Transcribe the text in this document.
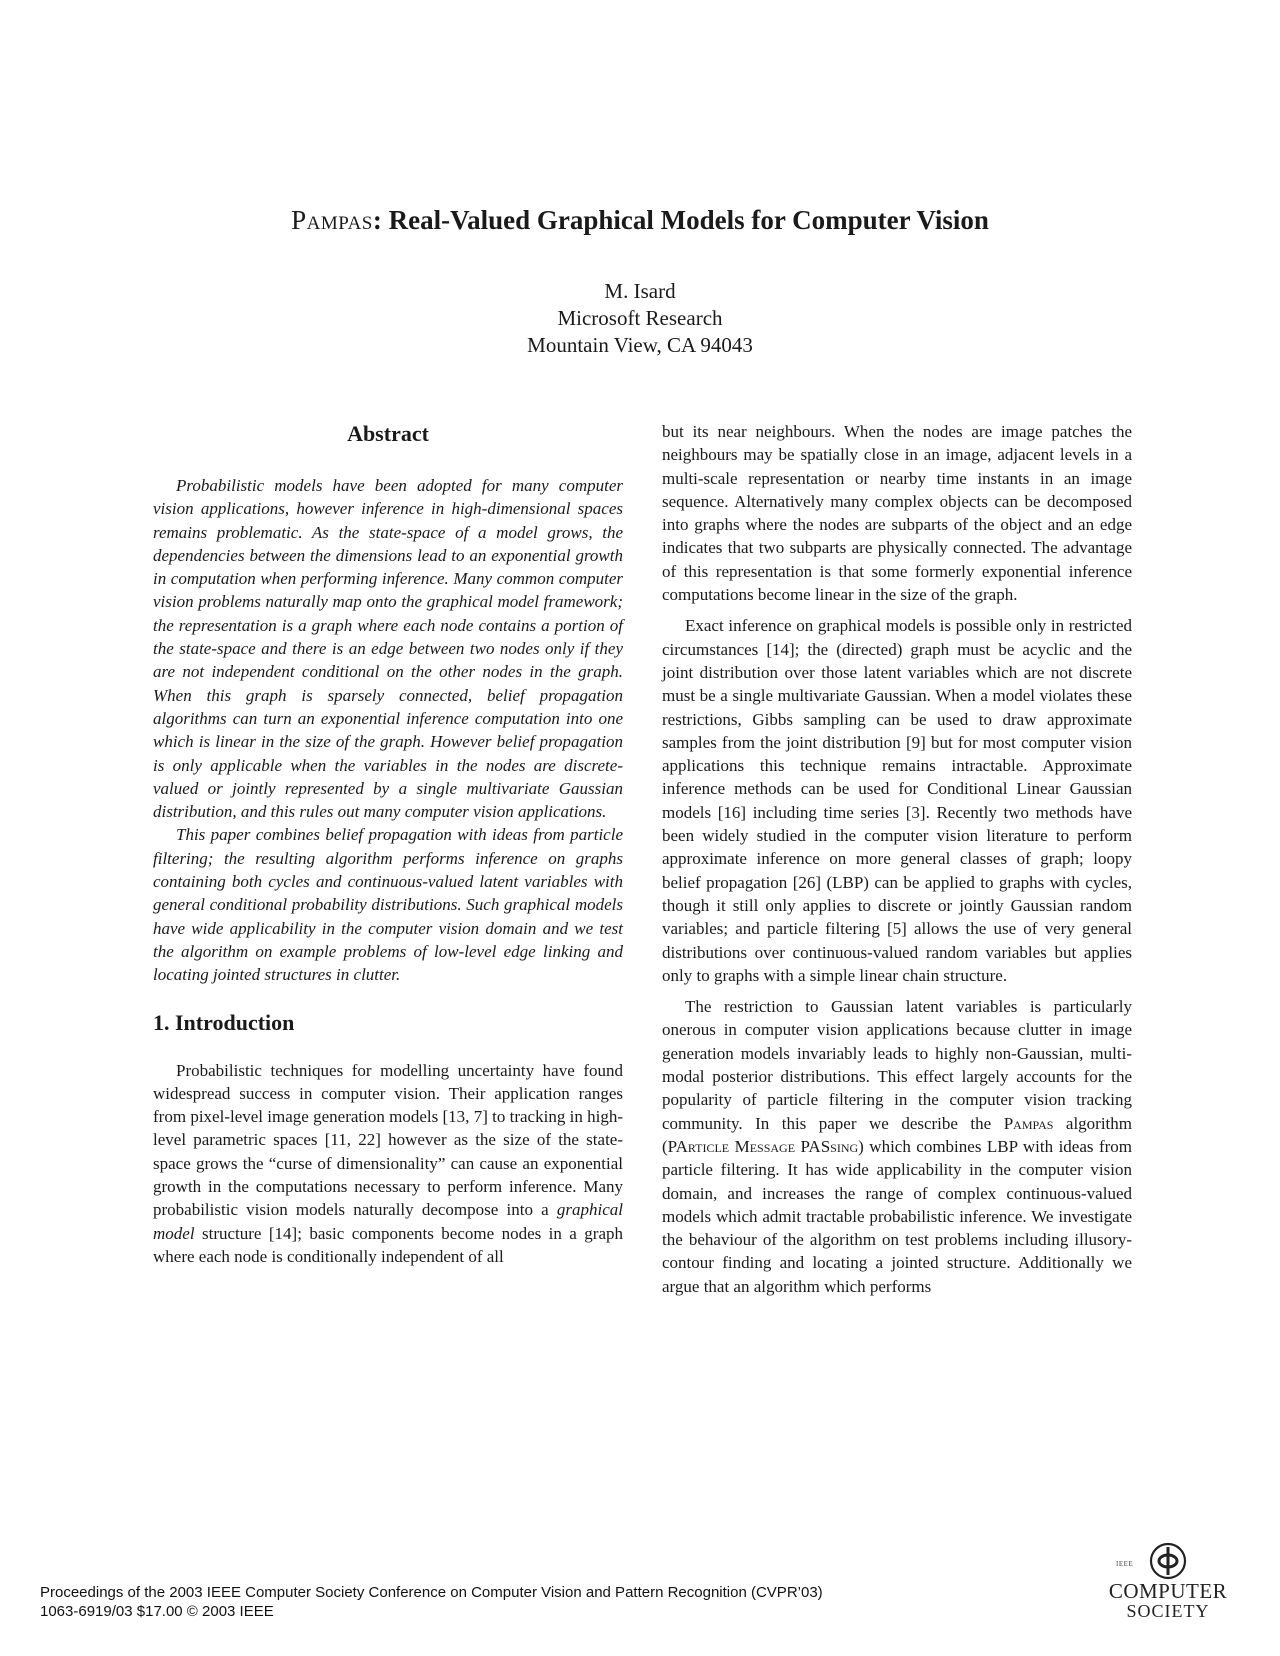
Pampas: Real-Valued Graphical Models for Computer Vision
M. Isard
Microsoft Research
Mountain View, CA 94043
Abstract

Probabilistic models have been adopted for many computer vision applications, however inference in high-dimensional spaces remains problematic. As the state-space of a model grows, the dependencies between the dimensions lead to an exponential growth in computation when performing inference. Many common computer vision problems naturally map onto the graphical model framework; the representation is a graph where each node contains a portion of the state-space and there is an edge between two nodes only if they are not independent conditional on the other nodes in the graph. When this graph is sparsely connected, belief propagation algorithms can turn an exponential inference computation into one which is linear in the size of the graph. However belief propagation is only applicable when the variables in the nodes are discrete-valued or jointly represented by a single multivariate Gaussian distribution, and this rules out many computer vision applications.

This paper combines belief propagation with ideas from particle filtering; the resulting algorithm performs inference on graphs containing both cycles and continuous-valued latent variables with general conditional probability distributions. Such graphical models have wide applicability in the computer vision domain and we test the algorithm on example problems of low-level edge linking and locating jointed structures in clutter.

1. Introduction

Probabilistic techniques for modelling uncertainty have found widespread success in computer vision. Their application ranges from pixel-level image generation models [13, 7] to tracking in high-level parametric spaces [11, 22] however as the size of the state-space grows the “curse of dimensionality” can cause an exponential growth in the computations necessary to perform inference. Many probabilistic vision models naturally decompose into a graphical model structure [14]; basic components become nodes in a graph where each node is conditionally independent of all

but its near neighbours. When the nodes are image patches the neighbours may be spatially close in an image, adjacent levels in a multi-scale representation or nearby time instants in an image sequence. Alternatively many complex objects can be decomposed into graphs where the nodes are subparts of the object and an edge indicates that two subparts are physically connected. The advantage of this representation is that some formerly exponential inference computations become linear in the size of the graph.

Exact inference on graphical models is possible only in restricted circumstances [14]; the (directed) graph must be acyclic and the joint distribution over those latent variables which are not discrete must be a single multivariate Gaussian. When a model violates these restrictions, Gibbs sampling can be used to draw approximate samples from the joint distribution [9] but for most computer vision applications this technique remains intractable. Approximate inference methods can be used for Conditional Linear Gaussian models [16] including time series [3]. Recently two methods have been widely studied in the computer vision literature to perform approximate inference on more general classes of graph; loopy belief propagation [26] (LBP) can be applied to graphs with cycles, though it still only applies to discrete or jointly Gaussian random variables; and particle filtering [5] allows the use of very general distributions over continuous-valued random variables but applies only to graphs with a simple linear chain structure.

The restriction to Gaussian latent variables is particularly onerous in computer vision applications because clutter in image generation models invariably leads to highly non-Gaussian, multi-modal posterior distributions. This effect largely accounts for the popularity of particle filtering in the computer vision tracking community. In this paper we describe the Pampas algorithm (PArticle Message PASsing) which combines LBP with ideas from particle filtering. It has wide applicability in the computer vision domain, and increases the range of complex continuous-valued models which admit tractable probabilistic inference. We investigate the behaviour of the algorithm on test problems including illusory-contour finding and locating a jointed structure. Additionally we argue that an algorithm which performs

Proceedings of the 2003 IEEE Computer Society Conference on Computer Vision and Pattern Recognition (CVPR’03)
1063-6919/03 $17.00 © 2003 IEEE
IEEE
COMPUTER
SOCIETY
